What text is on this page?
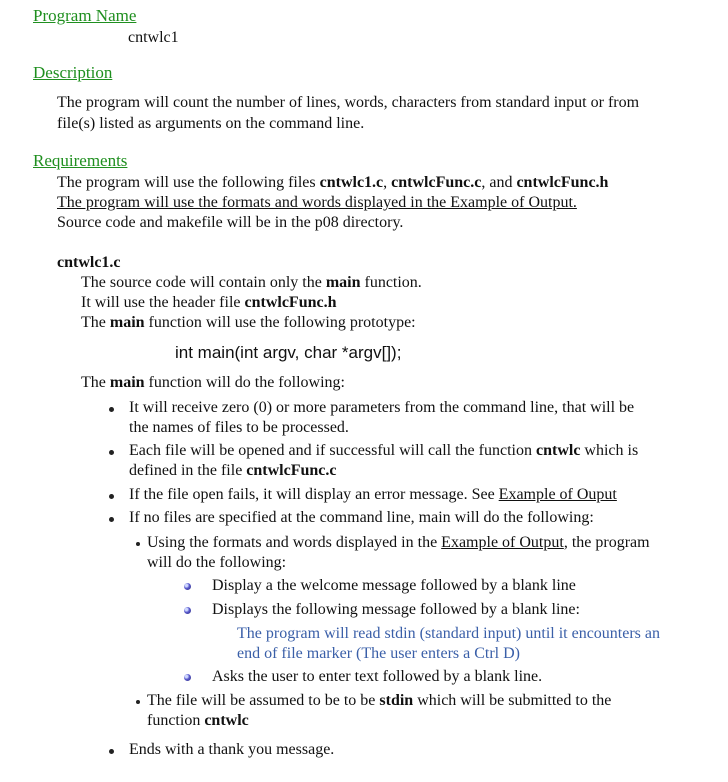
Program Name
cntwlc1
Description
The program will count the number of lines, words, characters from standard input or from
file(s) listed as arguments on the command line.
Requirements
The program will use the following files cntwlc1.c, cntwlcFunc.c, and cntwlcFunc.h
The program will use the formats and words displayed in the Example of Output.
Source code and makefile will be in the p08 directory.
cntwlc1.c
The source code will contain only the main function.
It will use the header file cntwlcFunc.h
The main function will use the following prototype:
int main(int argv, char *argv[]);
The main function will do the following:
It will receive zero (0) or more parameters from the command line, that will be
the names of files to be processed.
Each file will be opened and if successful will call the function cntwlc which is
defined in the file cntwlcFunc.c
If the file open fails, it will display an error message. See Example of Ouput
If no files are specified at the command line, main will do the following:
Using the formats and words displayed in the Example of Output, the program
will do the following:
Display a the welcome message followed by a blank line
Displays the following message followed by a blank line:
The program will read stdin (standard input) until it encounters an
end of file marker (The user enters a Ctrl D)
Asks the user to enter text followed by a blank line.
The file will be assumed to be to be stdin which will be submitted to the
function cntwlc
Ends with a thank you message.
